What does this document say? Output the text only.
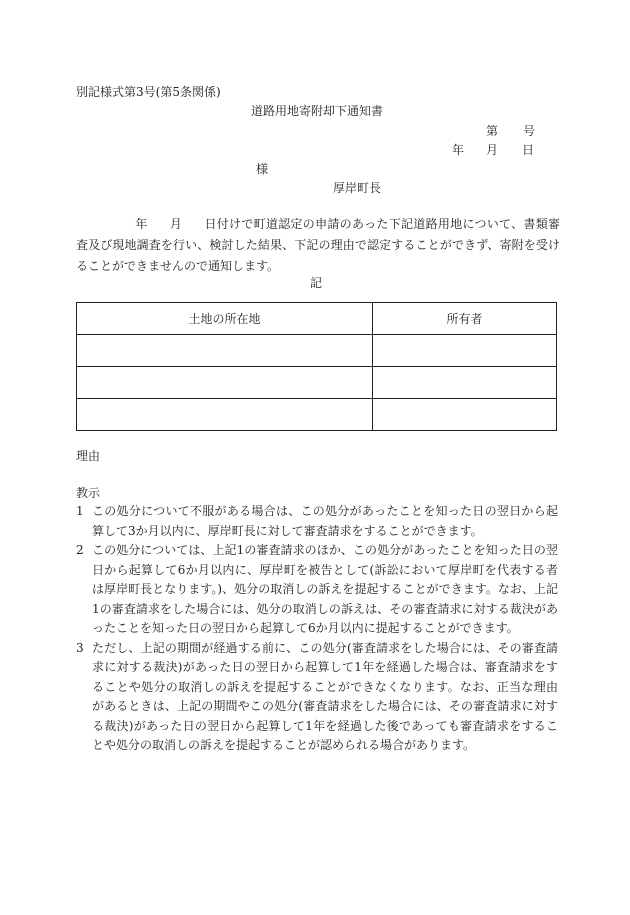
別記様式第3号(第5条関係)
道路用地寄附却下通知書
第 号
年 月 日
様
厚岸町長
年 月 日付けで町道認定の申請のあった下記道路用地について、書類審査及び現地調査を行い、検討した結果、下記の理由で認定することができず、寄附を受けることができませんので通知します。
記
土地の所在地	所有者

理由
教示
1 この処分について不服がある場合は、この処分があったことを知った日の翌日から起算して3か月以内に、厚岸町長に対して審査請求をすることができます。
2 この処分については、上記1の審査請求のほか、この処分があったことを知った日の翌日から起算して6か月以内に、厚岸町を被告として(訴訟において厚岸町を代表する者は厚岸町長となります。)、処分の取消しの訴えを提起することができます。なお、上記1の審査請求をした場合には、処分の取消しの訴えは、その審査請求に対する裁決があったことを知った日の翌日から起算して6か月以内に提起することができます。
3 ただし、上記の期間が経過する前に、この処分(審査請求をした場合には、その審査請求に対する裁決)があった日の翌日から起算して1年を経過した場合は、審査請求をすることや処分の取消しの訴えを提起することができなくなります。なお、正当な理由があるときは、上記の期間やこの処分(審査請求をした場合には、その審査請求に対する裁決)があった日の翌日から起算して1年を経過した後であっても審査請求をすることや処分の取消しの訴えを提起することが認められる場合があります。
